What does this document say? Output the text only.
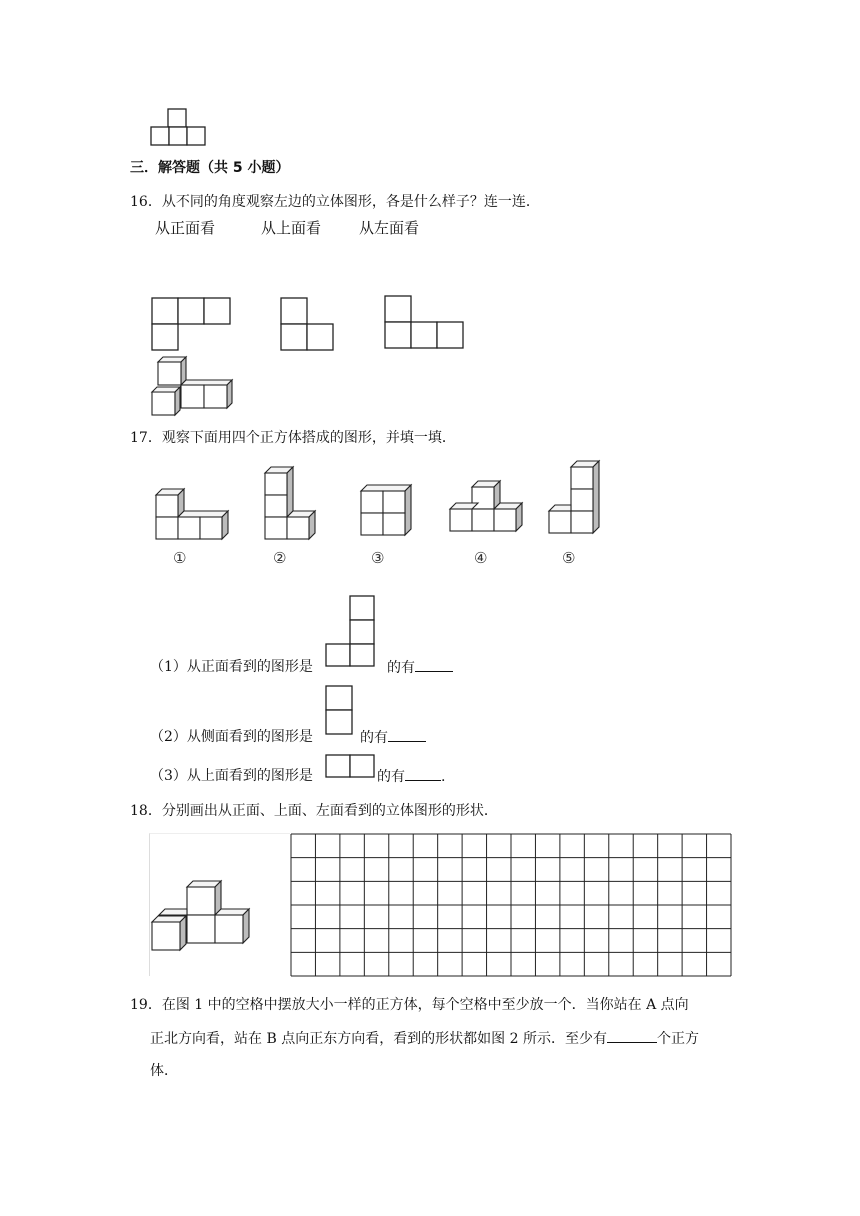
三．解答题（共 5 小题）
16．从不同的角度观察左边的立体图形，各是什么样子？连一连．
从正面看	从上面看	从左面看
17．观察下面用四个正方体搭成的图形，并填一填．
①	②	③	④	⑤
（1）从正面看到的图形是	的有
（2）从侧面看到的图形是	的有
（3）从上面看到的图形是	的有	.
18．分别画出从正面、上面、左面看到的立体图形的形状．
19．在图 1 中的空格中摆放大小一样的正方体，每个空格中至少放一个．当你站在 A 点向
正北方向看，站在 B 点向正东方向看，看到的形状都如图 2 所示．至少有	个正方
体．
